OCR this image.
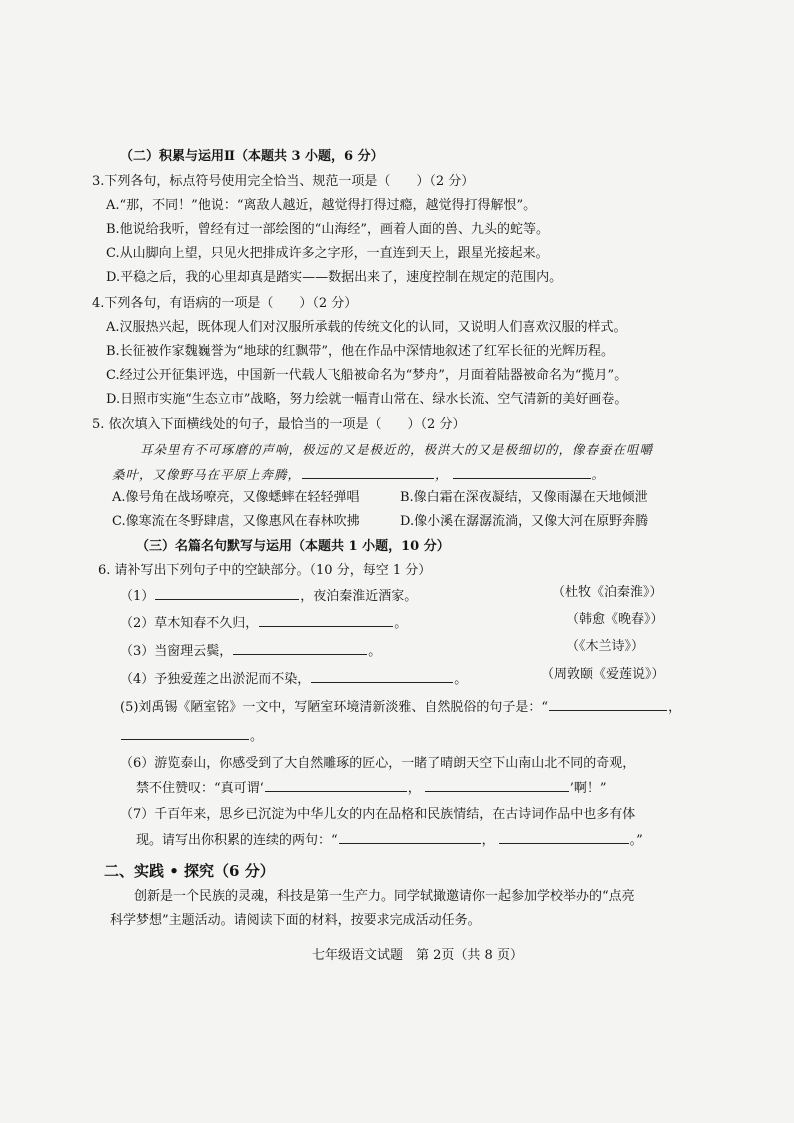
（二）积累与运用Ⅱ（本题共 3 小题，6 分）
3.下列各句，标点符号使用完全恰当、规范一项是（　　）（2 分）
A.“那，不同！”他说：“离敌人越近，越觉得打得过瘾，越觉得打得解恨”。
B.他说给我听，曾经有过一部绘图的“山海经”，画着人面的兽、九头的蛇等。
C.从山脚向上望，只见火把排成许多之字形，一直连到天上，跟星光接起来。
D.平稳之后，我的心里却真是踏实——数据出来了，速度控制在规定的范围内。
4.下列各句，有语病的一项是（　　）（2 分）
A.汉服热兴起，既体现人们对汉服所承载的传统文化的认同，又说明人们喜欢汉服的样式。
B.长征被作家魏巍誉为“地球的红飘带”，他在作品中深情地叙述了红军长征的光辉历程。
C.经过公开征集评选，中国新一代载人飞船被命名为“梦舟”，月面着陆器被命名为“揽月”。
D.日照市实施“生态立市”战略，努力绘就一幅青山常在、绿水长流、空气清新的美好画卷。
5. 依次填入下面横线处的句子，最恰当的一项是（　　）（2 分）
耳朵里有不可琢磨的声响，极远的又是极近的，极洪大的又是极细切的，像春蚕在咀嚼
桑叶，又像野马在平原上奔腾，	，	。
A.像号角在战场嘹亮，又像蟋蟀在轻轻弹唱	B.像白霜在深夜凝结，又像雨瀑在天地倾泄
C.像寒流在冬野肆虐，又像惠风在春林吹拂	D.像小溪在潺潺流淌，又像大河在原野奔腾
（三）名篇名句默写与运用（本题共 1 小题，10 分）
6. 请补写出下列句子中的空缺部分。（10 分，每空 1 分）
（1）	，夜泊秦淮近酒家。	（杜牧《泊秦淮》）
（2）草木知春不久归，	。	（韩愈《晚春》）
（3）当窗理云鬓，	。	（《木兰诗》）
（4）予独爱莲之出淤泥而不染，	。	（周敦颐《爱莲说》）
(5)刘禹锡《陋室铭》一文中，写陋室环境清新淡雅、自然脱俗的句子是：“	，
。
（6）游览泰山，你感受到了大自然雕琢的匠心，一睹了晴朗天空下山南山北不同的奇观，
禁不住赞叹：“真可谓‘	，	’啊！”
（7）千百年来，思乡已沉淀为中华儿女的内在品格和民族情结，在古诗词作品中也多有体
现。请写出你积累的连续的两句：“	，	。”
二、实践 • 探究（6 分）
创新是一个民族的灵魂，科技是第一生产力。同学轼撖邀请你一起参加学校举办的“点亮
科学梦想”主题活动。请阅读下面的材料，按要求完成活动任务。
七年级语文试题　第 2页（共 8 页）
